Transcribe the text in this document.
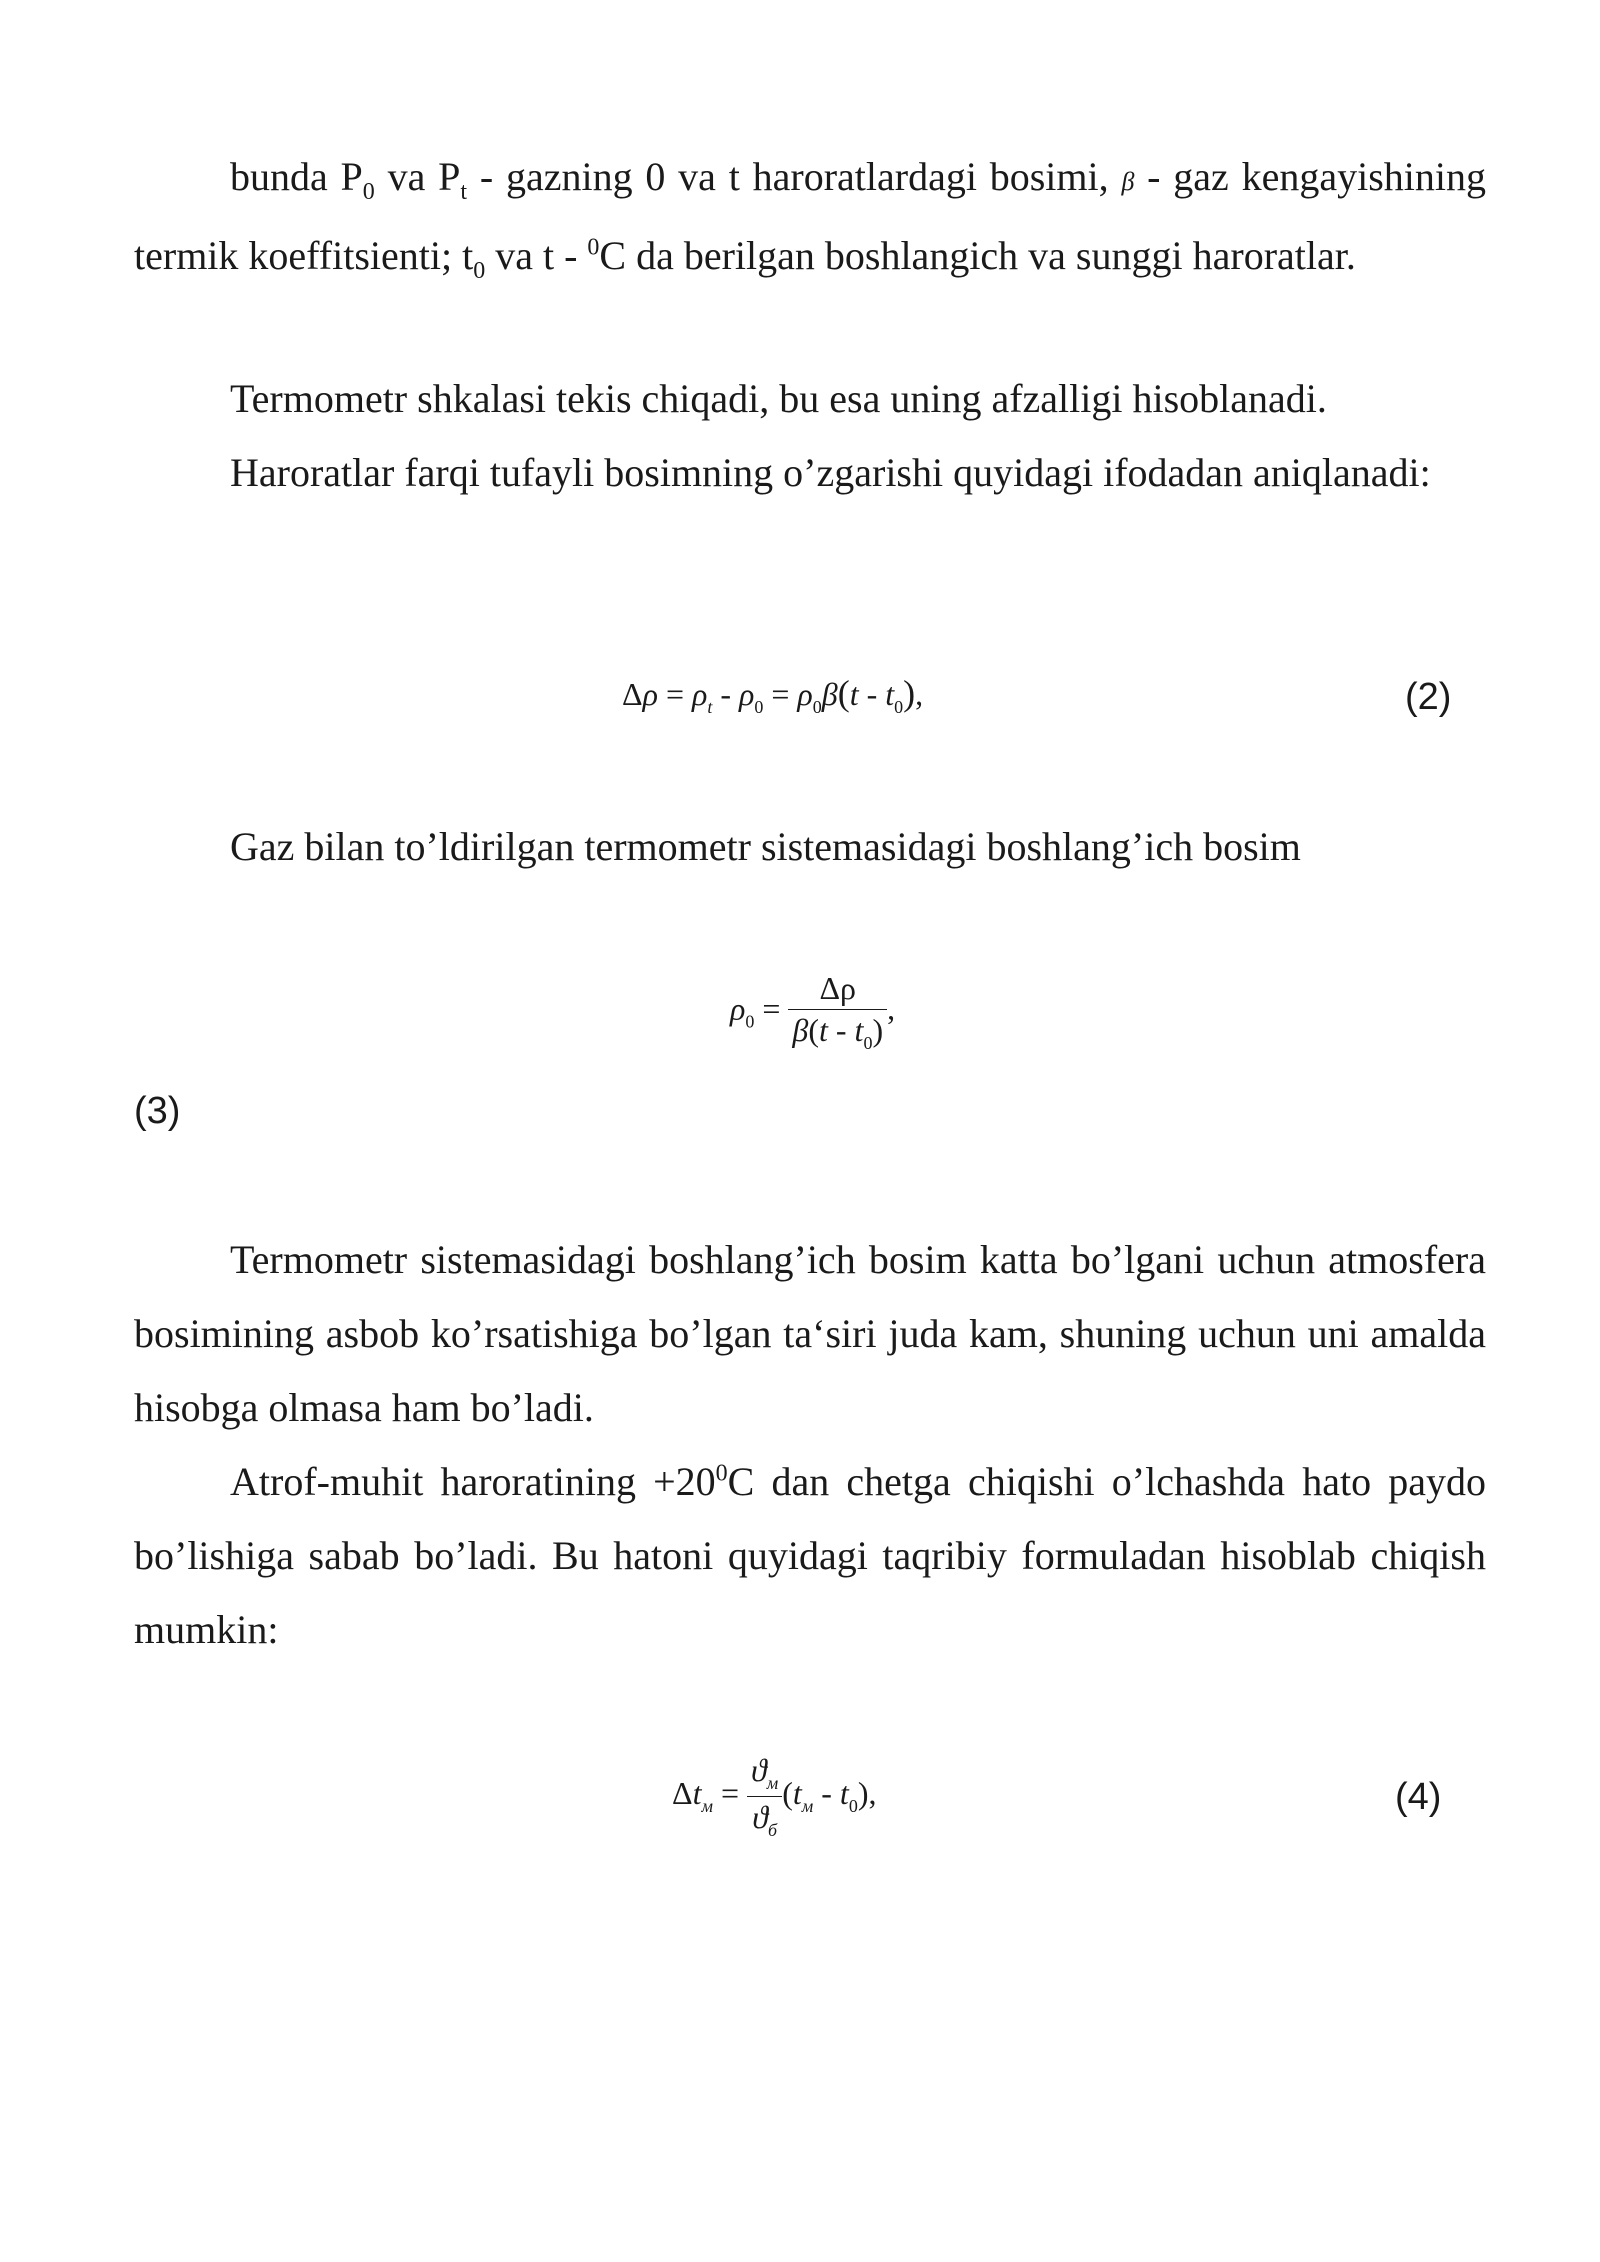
bunda $P_0$ va $P_t$ - gazning 0 va t haroratlardagi bosimi, β - gaz kengayishining termik koeffitsienti; $t_0$ va t - $^0$C da berilgan boshlangich va sunggi haroratlar.

Termometr shkalasi tekis chiqadi, bu esa uning afzalligi hisoblanadi.

Haroratlar farqi tufayli bosimning o’zgarishi quyidagi ifodadan aniqlanadi:

$\Delta\rho = \rho_t - \rho_0 = \rho_0\beta(t - t_0)$,	(2)

Gaz bilan to’ldirilgan termometr sistemasidagi boshlang’ich bosim

$\rho_0 = \frac{\Delta\rho}{\beta(t - t_0)}$ ,
(3)

Termometr sistemasidagi boshlang’ich bosim katta bo’lgani uchun atmosfera bosimining asbob ko’rsatishiga bo’lgan ta‘siri juda kam, shuning uchun uni amalda hisobga olmasa ham bo’ladi.

Atrof-muhit haroratining $+20^0C$ dan chetga chiqishi o’lchashda hato paydo bo’lishiga sabab bo’ladi. Bu hatoni quyidagi taqribiy formuladan hisoblab chiqish mumkin:

$\Delta t_м = \frac{ϑ_м}{ϑ_б} (t_м - t_0)$,	(4)
